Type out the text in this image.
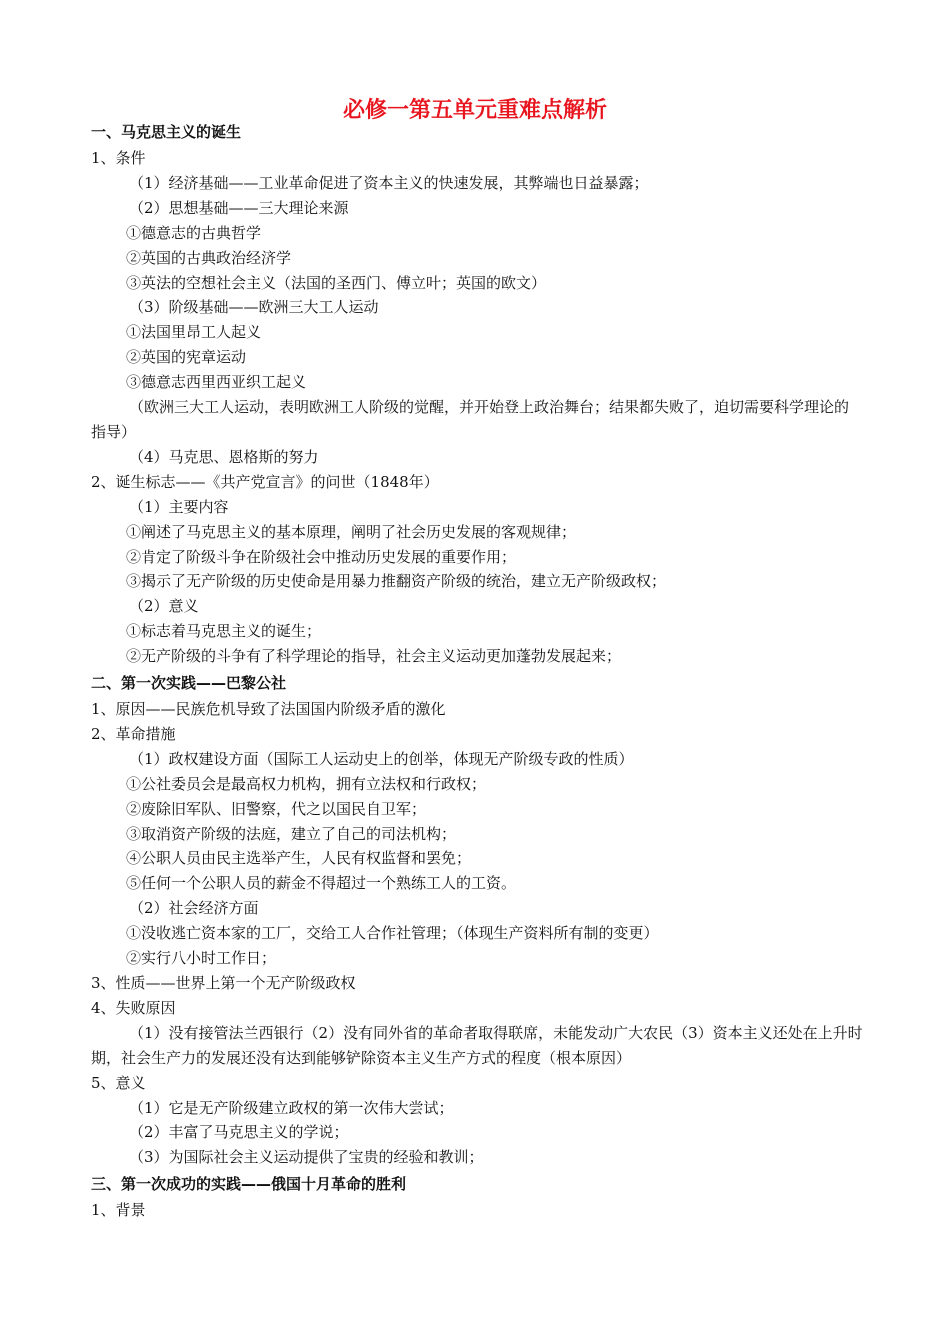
必修一第五单元重难点解析
一、马克思主义的诞生
1、条件
（1）经济基础——工业革命促进了资本主义的快速发展，其弊端也日益暴露；
（2）思想基础——三大理论来源
①德意志的古典哲学
②英国的古典政治经济学
③英法的空想社会主义（法国的圣西门、傅立叶；英国的欧文）
（3）阶级基础——欧洲三大工人运动
①法国里昂工人起义
②英国的宪章运动
③德意志西里西亚织工起义
（欧洲三大工人运动，表明欧洲工人阶级的觉醒，并开始登上政治舞台；结果都失败了，迫切需要科学理论的指导）
（4）马克思、恩格斯的努力
2、诞生标志——《共产党宣言》的问世（1848年）
（1）主要内容
①阐述了马克思主义的基本原理，阐明了社会历史发展的客观规律；
②肯定了阶级斗争在阶级社会中推动历史发展的重要作用；
③揭示了无产阶级的历史使命是用暴力推翻资产阶级的统治，建立无产阶级政权；
（2）意义
①标志着马克思主义的诞生；
②无产阶级的斗争有了科学理论的指导，社会主义运动更加蓬勃发展起来；
二、第一次实践——巴黎公社
1、原因——民族危机导致了法国国内阶级矛盾的激化
2、革命措施
（1）政权建设方面（国际工人运动史上的创举，体现无产阶级专政的性质）
①公社委员会是最高权力机构，拥有立法权和行政权；
②废除旧军队、旧警察，代之以国民自卫军；
③取消资产阶级的法庭，建立了自己的司法机构；
④公职人员由民主选举产生，人民有权监督和罢免；
⑤任何一个公职人员的薪金不得超过一个熟练工人的工资。
（2）社会经济方面
①没收逃亡资本家的工厂，交给工人合作社管理；（体现生产资料所有制的变更）
②实行八小时工作日；
3、性质——世界上第一个无产阶级政权
4、失败原因
（1）没有接管法兰西银行（2）没有同外省的革命者取得联席，未能发动广大农民（3）资本主义还处在上升时期，社会生产力的发展还没有达到能够铲除资本主义生产方式的程度（根本原因）
5、意义
（1）它是无产阶级建立政权的第一次伟大尝试；
（2）丰富了马克思主义的学说；
（3）为国际社会主义运动提供了宝贵的经验和教训；
三、第一次成功的实践——俄国十月革命的胜利
1、背景
